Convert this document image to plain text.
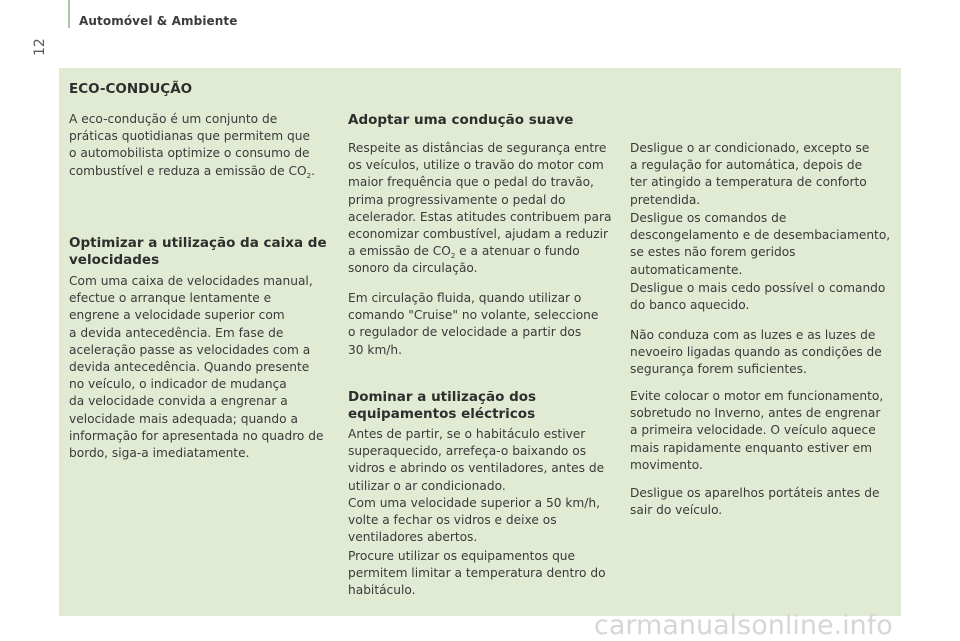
Automóvel & Ambiente
12
ECO-CONDUÇÃO

A eco-condução é um conjunto de
práticas quotidianas que permitem que
o automobilista optimize o consumo de
combustível e reduza a emissão de $CO_2$.

Optimizar a utilização da caixa de
velocidades

Com uma caixa de velocidades manual,
efectue o arranque lentamente e
engrene a velocidade superior com
a devida antecedência. Em fase de
aceleração passe as velocidades com a
devida antecedência. Quando presente
no veículo, o indicador de mudança
da velocidade convida a engrenar a
velocidade mais adequada; quando a
informação for apresentada no quadro de
bordo, siga-a imediatamente.

Adoptar uma condução suave

Respeite as distâncias de segurança entre
os veículos, utilize o travão do motor com
maior frequência que o pedal do travão,
prima progressivamente o pedal do
acelerador. Estas atitudes contribuem para
economizar combustível, ajudam a reduzir
a emissão de $CO_2$ e a atenuar o fundo
sonoro da circulação.

Em circulação fluida, quando utilizar o
comando "Cruise" no volante, seleccione
o regulador de velocidade a partir dos
30 km/h.

Dominar a utilização dos
equipamentos eléctricos

Antes de partir, se o habitáculo estiver
superaquecido, arrefeça-o baixando os
vidros e abrindo os ventiladores, antes de
utilizar o ar condicionado.

Com uma velocidade superior a 50 km/h,
volte a fechar os vidros e deixe os
ventiladores abertos.

Procure utilizar os equipamentos que
permitem limitar a temperatura dentro do
habitáculo.

Desligue o ar condicionado, excepto se
a regulação for automática, depois de
ter atingido a temperatura de conforto
pretendida.

Desligue os comandos de
descongelamento e de desembaciamento,
se estes não forem geridos
automaticamente.

Desligue o mais cedo possível o comando
do banco aquecido.

Não conduza com as luzes e as luzes de
nevoeiro ligadas quando as condições de
segurança forem suficientes.

Evite colocar o motor em funcionamento,
sobretudo no Inverno, antes de engrenar
a primeira velocidade. O veículo aquece
mais rapidamente enquanto estiver em
movimento.

Desligue os aparelhos portáteis antes de
sair do veículo.

carmanualsonline.info
